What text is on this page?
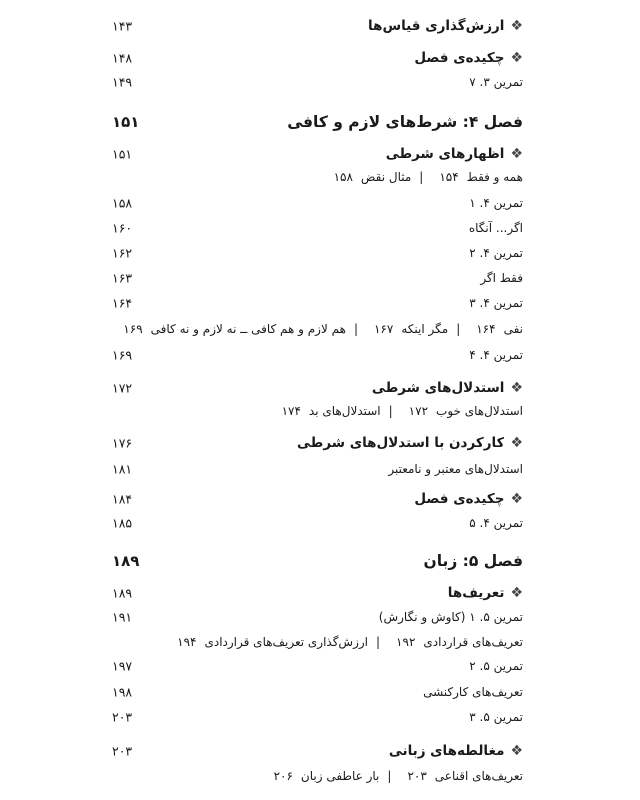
❖
ارزش‌گذاری قیاس‌ها
۱۴۳
❖
چکیده‌ی فصل
۱۴۸
تمرین ۳. ۷
۱۴۹
فصل ۴: شرط‌های لازم و کافی
۱۵۱
❖
اظهارهای شرطی
۱۵۱
همه و فقط۱۵۴|مثال نقض۱۵۸
تمرین ۴. ۱
۱۵۸
اگر... آنگاه
۱۶۰
تمرین ۴. ۲
۱۶۲
فقط اگر
۱۶۳
تمرین ۴. ۳
۱۶۴
نفی۱۶۴|مگر اینکه۱۶۷|هم لازم و هم کافی ــ نه لازم و نه کافی۱۶۹
تمرین ۴. ۴
۱۶۹
❖
استدلال‌های شرطی
۱۷۲
استدلال‌های خوب۱۷۲|استدلال‌های بد۱۷۴
❖
کارکردن با استدلال‌های شرطی
۱۷۶
استدلال‌های معتبر و نامعتبر
۱۸۱
❖
چکیده‌ی فصل
۱۸۴
تمرین ۴. ۵
۱۸۵
فصل ۵: زبان
۱۸۹
❖
تعریف‌ها
۱۸۹
تمرین ۵. ۱ (کاوش و نگارش)
۱۹۱
تعریف‌های قراردادی۱۹۲|ارزش‌گذاری تعریف‌های قراردادی۱۹۴
تمرین ۵. ۲
۱۹۷
تعریف‌های کارکنشی
۱۹۸
تمرین ۵. ۳
۲۰۳
❖
مغالطه‌های زبانی
۲۰۳
تعریف‌های اقناعی۲۰۳|بار عاطفی زبان۲۰۶
